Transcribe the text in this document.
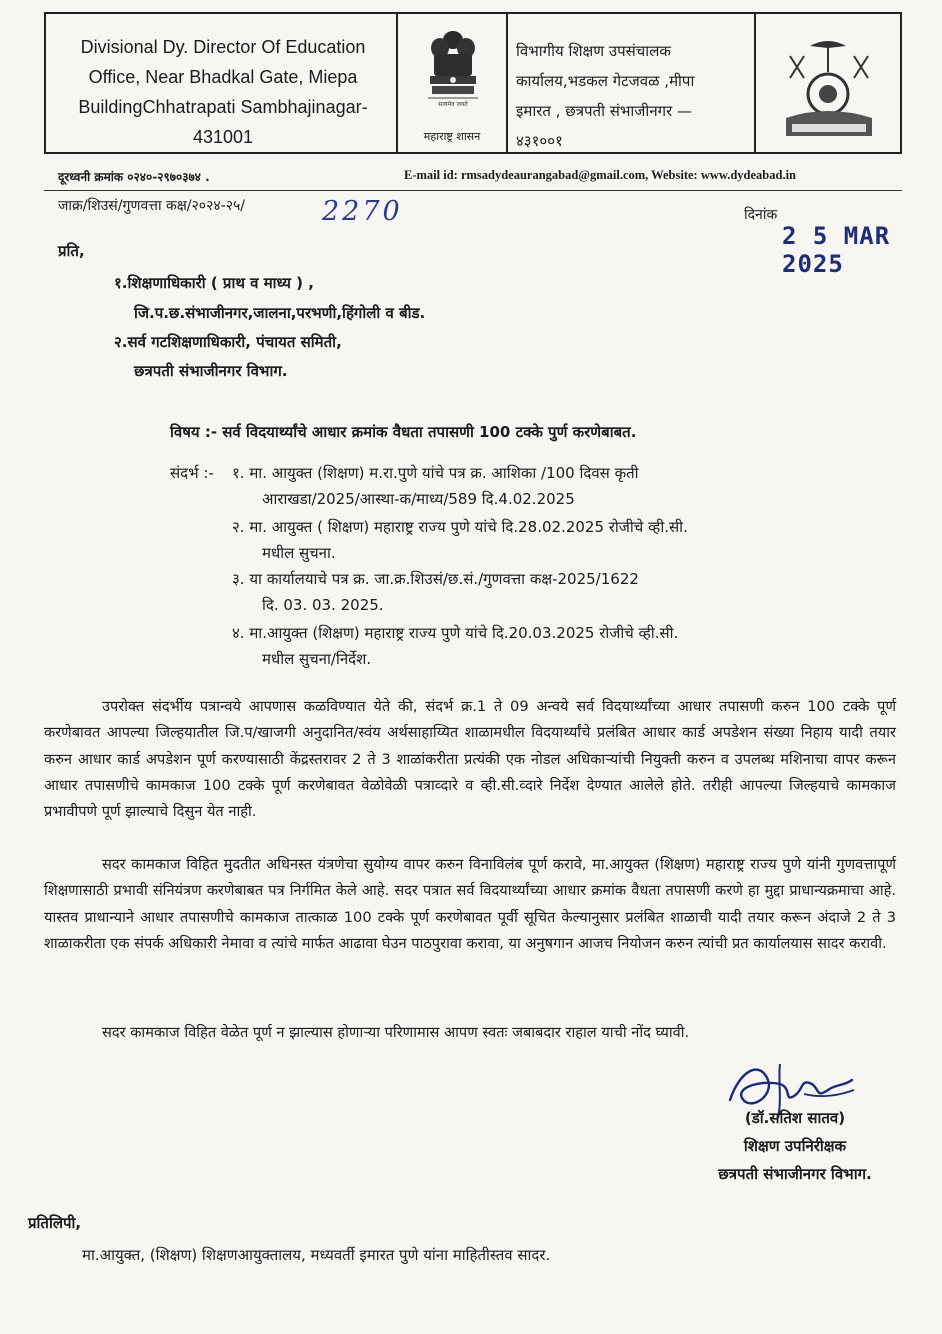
Divisional Dy. Director Of Education
Office, Near Bhadkal Gate, Miepa
BuildingChhatrapati Sambhajinagar-
431001
सत्यमेव जयते
महाराष्ट्र शासन
विभागीय शिक्षण उपसंचालक
कार्यालय,भडकल गेटजवळ ,मीपा
इमारत , छत्रपती संभाजीनगर —
४३१००१
दूरध्वनी क्रमांक ०२४०-२९७०३७४ .	E-mail id: rmsadydeaurangabad@gmail.com, Website: www.dydeabad.in
जाक्र/शिउसं/गुणवत्ता कक्ष/२०२४-२५/	2270	दिनांक
2 5 MAR 2025
प्रति,
१.शिक्षणाधिकारी ( प्राथ व माध्य ) ,
जि.प.छ.संभाजीनगर,जालना,परभणी,हिंगोली व बीड.
२.सर्व गटशिक्षणाधिकारी, पंचायत समिती,
छत्रपती संभाजीनगर विभाग.
विषय :- सर्व विदयार्थ्यांचे आधार क्रमांक वैधता तपासणी 100 टक्के पुर्ण करणेबाबत.
संदर्भ :- १. मा. आयुक्त (शिक्षण) म.रा.पुणे यांचे पत्र क्र. आशिका /100 दिवस कृती
आराखडा/2025/आस्था-क/माध्य/589 दि.4.02.2025
२. मा. आयुक्त ( शिक्षण) महाराष्ट्र राज्य पुणे यांचे दि.28.02.2025 रोजीचे व्ही.सी.
मधील सुचना.
३. या कार्यालयाचे पत्र क्र. जा.क्र.शिउसं/छ.सं./गुणवत्ता कक्ष-2025/1622
दि. 03. 03. 2025.
४. मा.आयुक्त (शिक्षण) महाराष्ट्र राज्य पुणे यांचे दि.20.03.2025 रोजीचे व्ही.सी.
मधील सुचना/निर्देश.

उपरोक्त संदर्भीय पत्रान्वये आपणास कळविण्यात येते की, संदर्भ क्र.1 ते 09 अन्वये सर्व विदयार्थ्यांच्या आधार तपासणी करुन 100 टक्के पूर्ण करणेबावत आपल्या जिल्हयातील जि.प/खाजगी अनुदानित/स्वंय अर्थसाहाय्यित शाळामधील विदयार्थ्यांचे प्रलंबित आधार कार्ड अपडेशन संख्या निहाय यादी तयार करुन आधार कार्ड अपडेशन पूर्ण करण्यासाठी केंद्रस्तरावर 2 ते 3 शाळांकरीता प्रत्यंकी एक नोडल अधिकाऱ्यांची नियुक्ती करुन व उपलब्ध मशिनाचा वापर करून आधार तपासणीचे कामकाज 100 टक्के पूर्ण करणेबावत वेळोवेळी पत्राव्दारे व व्ही.सी.व्दारे निर्देश देण्यात आलेले होते. तरीही आपल्या जिल्हयाचे कामकाज प्रभावीपणे पूर्ण झाल्याचे दिसुन येत नाही.

सदर कामकाज विहित मुदतीत अधिनस्त यंत्रणेचा सुयोग्य वापर करुन विनाविलंब पूर्ण करावे, मा.आयुक्त (शिक्षण) महाराष्ट्र राज्य पुणे यांनी गुणवत्तापूर्ण शिक्षणासाठी प्रभावी संनियंत्रण करणेबाबत पत्र निर्गमित केले आहे. सदर पत्रात सर्व विदयार्थ्यांच्या आधार क्रमांक वैधता तपासणी करणे हा मुद्दा प्राधान्यक्रमाचा आहे. यास्तव प्राधान्याने आधार तपासणीचे कामकाज तात्काळ 100 टक्के पूर्ण करणेबावत पूर्वी सूचित केल्यानुसार प्रलंबित शाळाची यादी तयार करून अंदाजे 2 ते 3 शाळाकरीता एक संपर्क अधिकारी नेमावा व त्यांचे मार्फत आढावा घेउन पाठपुरावा करावा, या अनुषगान आजच नियोजन करुन त्यांची प्रत कार्यालयास सादर करावी.

सदर कामकाज विहित वेळेत पूर्ण न झाल्यास होणाऱ्या परिणामास आपण स्वतः जबाबदार राहाल याची नोंद घ्यावी.

(डॉ.सतिश सातव)
शिक्षण उपनिरीक्षक
छत्रपती संभाजीनगर विभाग.
प्रतिलिपी,
मा.आयुक्त, (शिक्षण) शिक्षणआयुक्तालय, मध्यवर्ती इमारत पुणे यांना माहितीस्तव सादर.
